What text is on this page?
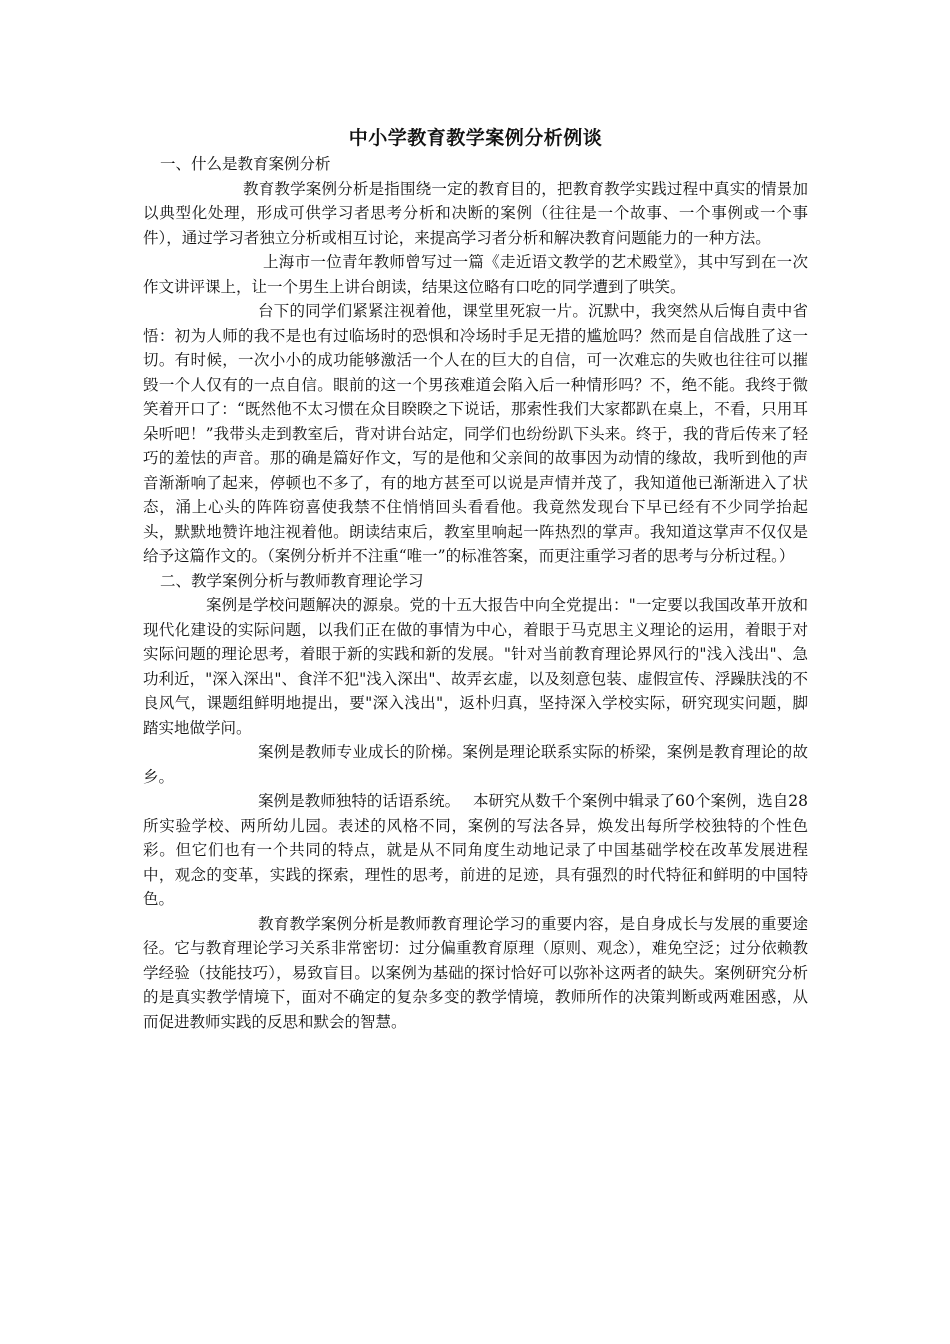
中小学教育教学案例分析例谈
一、什么是教育案例分析

教育教学案例分析是指围绕一定的教育目的，把教育教学实践过程中真实的情景加以典型化处理，形成可供学习者思考分析和决断的案例（往往是一个故事、一个事例或一个事件），通过学习者独立分析或相互讨论，来提高学习者分析和解决教育问题能力的一种方法。

上海市一位青年教师曾写过一篇《走近语文教学的艺术殿堂》，其中写到在一次作文讲评课上，让一个男生上讲台朗读，结果这位略有口吃的同学遭到了哄笑。

台下的同学们紧紧注视着他，课堂里死寂一片。沉默中，我突然从后悔自责中省悟：初为人师的我不是也有过临场时的恐惧和冷场时手足无措的尴尬吗？然而是自信战胜了这一切。有时候，一次小小的成功能够激活一个人在的巨大的自信，可一次难忘的失败也往往可以摧毁一个人仅有的一点自信。眼前的这一个男孩难道会陷入后一种情形吗？不，绝不能。我终于微笑着开口了：“既然他不太习惯在众目睽睽之下说话，那索性我们大家都趴在桌上，不看，只用耳朵听吧！”我带头走到教室后，背对讲台站定，同学们也纷纷趴下头来。终于，我的背后传来了轻巧的羞怯的声音。那的确是篇好作文，写的是他和父亲间的故事因为动情的缘故，我听到他的声音渐渐响了起来，停顿也不多了，有的地方甚至可以说是声情并茂了，我知道他已渐渐进入了状态，涌上心头的阵阵窃喜使我禁不住悄悄回头看看他。我竟然发现台下早已经有不少同学抬起头，默默地赞许地注视着他。朗读结束后，教室里响起一阵热烈的掌声。我知道这掌声不仅仅是给予这篇作文的。（案例分析并不注重“唯一”的标准答案，而更注重学习者的思考与分析过程。）

二、教学案例分析与教师教育理论学习

案例是学校问题解决的源泉。党的十五大报告中向全党提出："一定要以我国改革开放和现代化建设的实际问题，以我们正在做的事情为中心，着眼于马克思主义理论的运用，着眼于对实际问题的理论思考，着眼于新的实践和新的发展。"针对当前教育理论界风行的"浅入浅出"、急功利近，"深入深出"、食洋不犯"浅入深出"、故弄玄虚，以及刻意包装、虚假宣传、浮躁肤浅的不良风气，课题组鲜明地提出，要"深入浅出"，返朴归真，坚持深入学校实际，研究现实问题，脚踏实地做学问。

案例是教师专业成长的阶梯。案例是理论联系实际的桥梁，案例是教育理论的故乡。

案例是教师独特的话语系统。　 本研究从数千个案例中辑录了60个案例，选自28所实验学校、两所幼儿园。表述的风格不同，案例的写法各异，焕发出每所学校独特的个性色彩。但它们也有一个共同的特点，就是从不同角度生动地记录了中国基础学校在改革发展进程中，观念的变革，实践的探索，理性的思考，前进的足迹，具有强烈的时代特征和鲜明的中国特色。

教育教学案例分析是教师教育理论学习的重要内容，是自身成长与发展的重要途径。它与教育理论学习关系非常密切：过分偏重教育原理（原则、观念），难免空泛；过分依赖教学经验（技能技巧），易致盲目。以案例为基础的探讨恰好可以弥补这两者的缺失。案例研究分析的是真实教学情境下，面对不确定的复杂多变的教学情境，教师所作的决策判断或两难困惑，从而促进教师实践的反思和默会的智慧。
